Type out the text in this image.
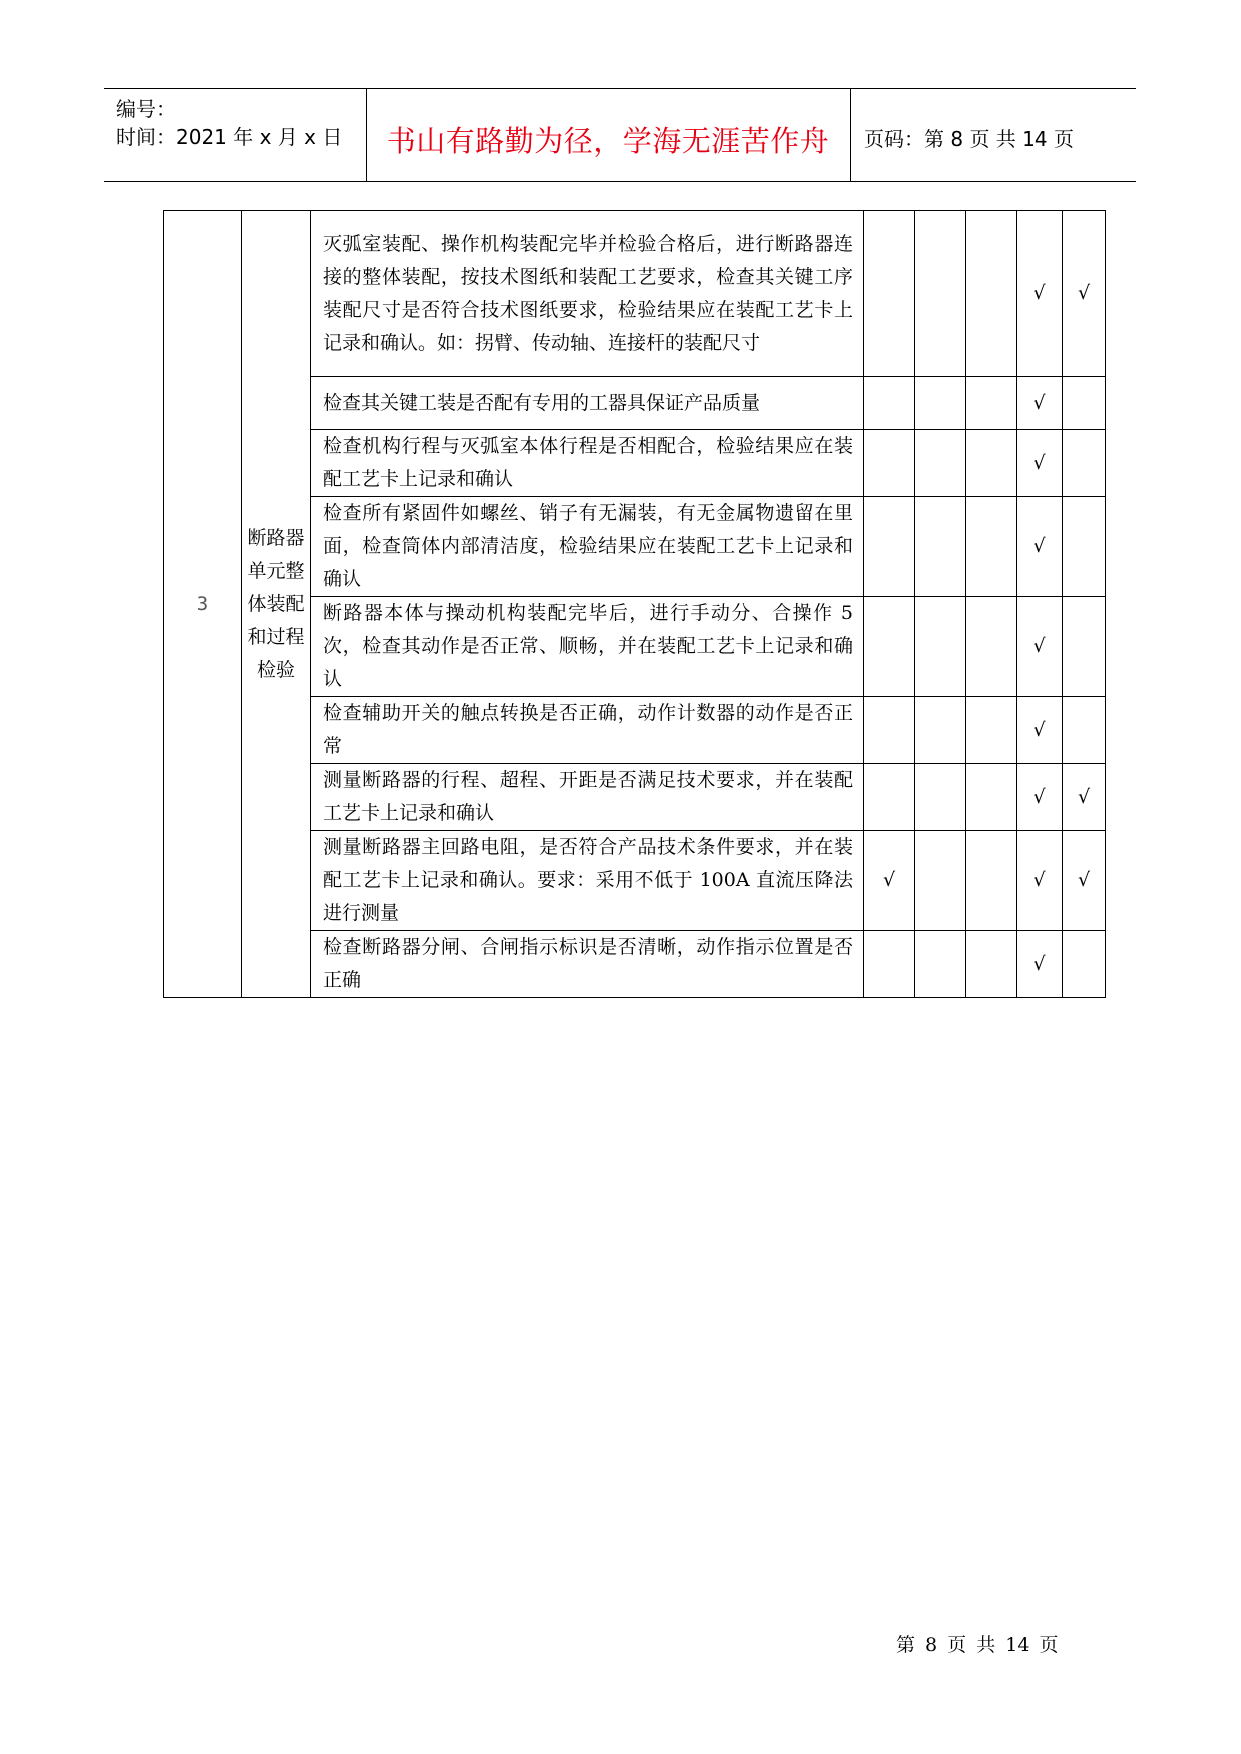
编号：
时间：2021 年 x 月 x 日	书山有路勤为径，学海无涯苦作舟	页码：第 8 页 共 14 页
3	断路器单元整体装配和过程检验	灭弧室装配、操作机构装配完毕并检验合格后，进行断路器连接的整体装配，按技术图纸和装配工艺要求，检查其关键工序装配尺寸是否符合技术图纸要求，检验结果应在装配工艺卡上记录和确认。如：拐臂、传动轴、连接杆的装配尺寸				√	√
		检查其关键工装是否配有专用的工器具保证产品质量				√	
		检查机构行程与灭弧室本体行程是否相配合，检验结果应在装配工艺卡上记录和确认				√	
		检查所有紧固件如螺丝、销子有无漏装，有无金属物遗留在里面，检查筒体内部清洁度，检验结果应在装配工艺卡上记录和确认				√	
		断路器本体与操动机构装配完毕后，进行手动分、合操作 5 次，检查其动作是否正常、顺畅，并在装配工艺卡上记录和确认				√	
		检查辅助开关的触点转换是否正确，动作计数器的动作是否正常				√	
		测量断路器的行程、超程、开距是否满足技术要求，并在装配工艺卡上记录和确认				√	√
		测量断路器主回路电阻，是否符合产品技术条件要求，并在装配工艺卡上记录和确认。要求：采用不低于 100A 直流压降法进行测量	√			√	√
		检查断路器分闸、合闸指示标识是否清晰，动作指示位置是否正确				√	
第 8 页 共 14 页
